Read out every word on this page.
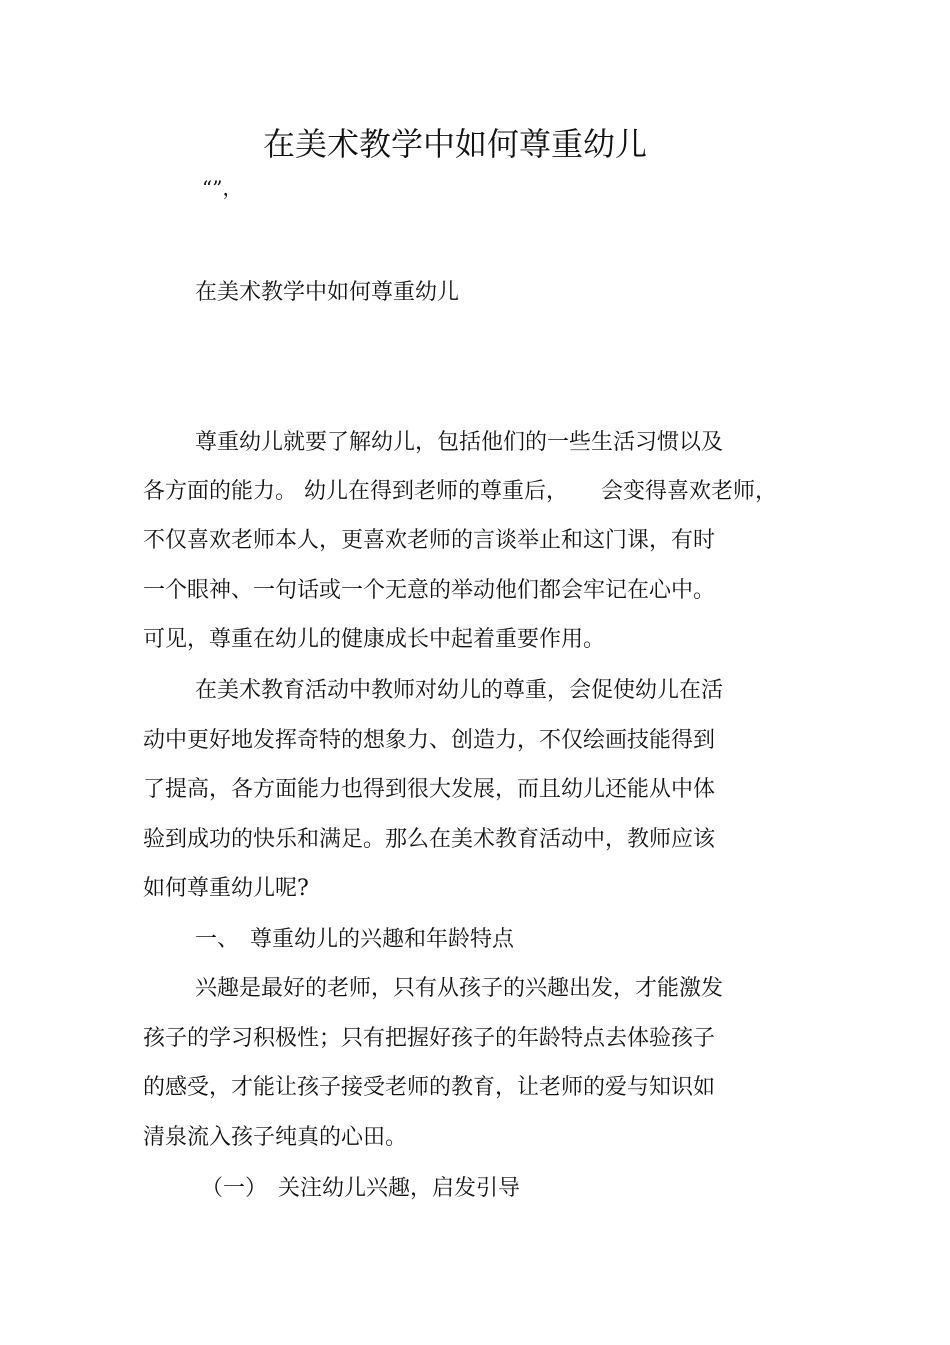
在美术教学中如何尊重幼儿
“”，
在美术教学中如何尊重幼儿
尊重幼儿就要了解幼儿，包括他们的一些生活习惯以及
各方面的能力。 幼儿在得到老师的尊重后，　　会变得喜欢老师，
不仅喜欢老师本人，更喜欢老师的言谈举止和这门课，有时
一个眼神、一句话或一个无意的举动他们都会牢记在心中。
可见，尊重在幼儿的健康成长中起着重要作用。
在美术教育活动中教师对幼儿的尊重，会促使幼儿在活
动中更好地发挥奇特的想象力、创造力，不仅绘画技能得到
了提高，各方面能力也得到很大发展，而且幼儿还能从中体
验到成功的快乐和满足。那么在美术教育活动中，教师应该
如何尊重幼儿呢?
一、　尊重幼儿的兴趣和年龄特点
兴趣是最好的老师，只有从孩子的兴趣出发，才能激发
孩子的学习积极性；只有把握好孩子的年龄特点去体验孩子
的感受，才能让孩子接受老师的教育，让老师的爱与知识如
清泉流入孩子纯真的心田。
（一）　关注幼儿兴趣，启发引导
